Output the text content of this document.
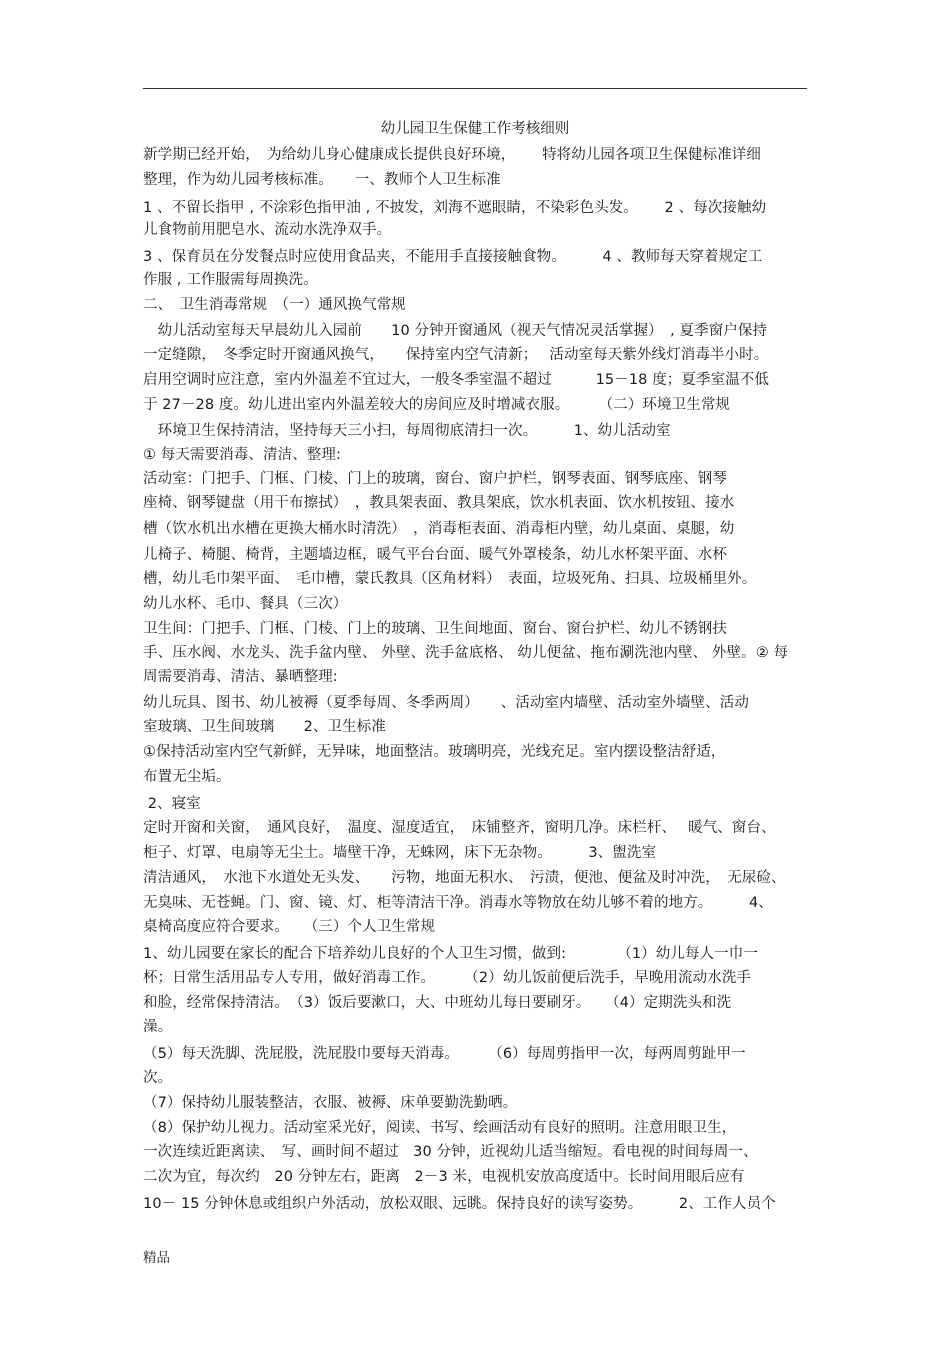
幼儿园卫生保健工作考核细则
新学期已经开始，　为给幼儿身心健康成长提供良好环境，　　 特将幼儿园各项卫生保健标准详细
整理，作为幼儿园考核标准。　　一、教师个人卫生标准
1 、不留长指甲 , 不涂彩色指甲油 , 不披发，刘海不遮眼睛，不染彩色头发。　　 2 、每次接触幼
儿食物前用肥皂水、流动水洗净双手。
3 、保育员在分发餐点时应使用食品夹，不能用手直接接触食物。　　　4 、教师每天穿着规定工
作服 , 工作服需每周换洗。
二、　卫生消毒常规　（一）通风换气常规
　幼儿活动室每天早晨幼儿入园前　　10 分钟开窗通风（视天气情况灵活掌握）　, 夏季窗户保持
一定缝隙，　冬季定时开窗通风换气，　　保持室内空气清新；　 活动室每天紫外线灯消毒半小时。
启用空调时应注意，室内外温差不宜过大，一般冬季室温不超过　　　15－18 度；夏季室温不低
于 27－28 度。幼儿进出室内外温差较大的房间应及时增减衣服。　　　（二）环境卫生常规
　环境卫生保持清洁，坚持每天三小扫，每周彻底清扫一次。　　　1、幼儿活动室
① 每天需要消毒、清洁、整理:
活动室：门把手、门框、门棱、门上的玻璃，窗台、窗户护栏，钢琴表面、钢琴底座、钢琴
座椅、钢琴键盘（用干布擦拭）　，教具架表面、教具架底，饮水机表面、饮水机按钮、接水
槽（饮水机出水槽在更换大桶水时清洗）　，消毒柜表面、消毒柜内壁，幼儿桌面、桌腿，幼
儿椅子、椅腿、椅背，主题墙边框，暖气平台台面、暖气外罩棱条，幼儿水杯架平面、水杯
槽，幼儿毛巾架平面、　毛巾槽，蒙氏教具（区角材料）　表面，垃圾死角、扫具、垃圾桶里外。
幼儿水杯、毛巾、餐具（三次）
卫生间：门把手、门框、门棱、门上的玻璃、卫生间地面、窗台、窗台护栏、幼儿不锈钢扶
手、压水阀、水龙头、洗手盆内壁、 外壁、洗手盆底格、 幼儿便盆、拖布涮洗池内壁、 外壁。② 每
周需要消毒、清洁、暴晒整理:
幼儿玩具、图书、幼儿被褥（夏季每周、冬季两周）　　、活动室内墙壁、活动室外墙壁、活动
室玻璃、卫生间玻璃　　2、卫生标准
①保持活动室内空气新鲜，无异味，地面整洁。玻璃明亮，光线充足。室内摆设整洁舒适，
布置无尘垢。
2、寝室
定时开窗和关窗，　通风良好，　温度、湿度适宜，　床铺整齐，窗明几净。床栏杆、　 暖气、窗台、
柜子、灯罩、电扇等无尘土。墙壁干净，无蛛网，床下无杂物。　　　3、盥洗室
清洁通风，　水池下水道处无头发、　　污物，地面无积水、　污渍，便池、便盆及时冲洗，　无尿硷、
无臭味、无苍蝇。门、窗、镜、灯、柜等清洁干净。消毒水等物放在幼儿够不着的地方。　　　4、
桌椅高度应符合要求。　　（三）个人卫生常规
1、幼儿园要在家长的配合下培养幼儿良好的个人卫生习惯，做到:　　　　（1）幼儿每人一巾一
杯；日常生活用品专人专用，做好消毒工作。　　　（2）幼儿饭前便后洗手，早晚用流动水洗手
和脸，经常保持清洁。　（3）饭后要漱口，大、中班幼儿每日要刷牙。　　（4）定期洗头和洗
澡。
（5）每天洗脚、洗屁股，洗屁股巾要每天消毒。　　　（6）每周剪指甲一次，每两周剪趾甲一
次。
（7）保持幼儿服装整洁，衣服、被褥、床单要勤洗勤晒。
（8）保护幼儿视力。活动室采光好，阅读、书写、绘画活动有良好的照明。注意用眼卫生，
一次连续近距离读、　写、画时间不超过　30 分钟，近视幼儿适当缩短。看电视的时间每周一、
二次为宜，每次约　20 分钟左右，距离　2－3 米，电视机安放高度适中。长时间用眼后应有
10－ 15 分钟休息或组织户外活动，放松双眼、远眺。保持良好的读写姿势。　　　2、工作人员个
精品
